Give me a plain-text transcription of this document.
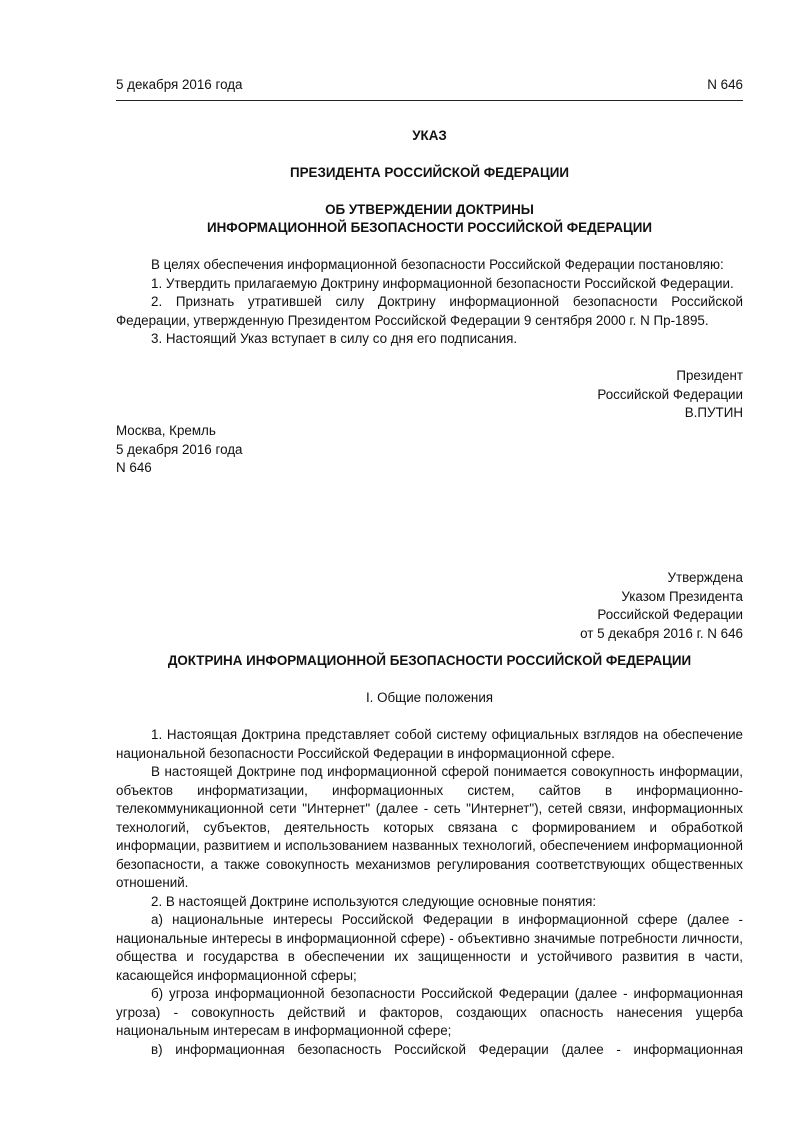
5 декабря 2016 года	N 646
УКАЗ
ПРЕЗИДЕНТА РОССИЙСКОЙ ФЕДЕРАЦИИ
ОБ УТВЕРЖДЕНИИ ДОКТРИНЫ
ИНФОРМАЦИОННОЙ БЕЗОПАСНОСТИ РОССИЙСКОЙ ФЕДЕРАЦИИ

В целях обеспечения информационной безопасности Российской Федерации постановляю:

1. Утвердить прилагаемую Доктрину информационной безопасности Российской Федерации.

2. Признать утратившей силу Доктрину информационной безопасности Российской Федерации, утвержденную Президентом Российской Федерации 9 сентября 2000 г. N Пр-1895.

3. Настоящий Указ вступает в силу со дня его подписания.

Президент
Российской Федерации
В.ПУТИН
Москва, Кремль
5 декабря 2016 года
N 646
Утверждена
Указом Президента
Российской Федерации
от 5 декабря 2016 г. N 646
ДОКТРИНА ИНФОРМАЦИОННОЙ БЕЗОПАСНОСТИ РОССИЙСКОЙ ФЕДЕРАЦИИ
I. Общие положения

1. Настоящая Доктрина представляет собой систему официальных взглядов на обеспечение национальной безопасности Российской Федерации в информационной сфере.

В настоящей Доктрине под информационной сферой понимается совокупность информации, объектов информатизации, информационных систем, сайтов в информационно-телекоммуникационной сети "Интернет" (далее - сеть "Интернет"), сетей связи, информационных технологий, субъектов, деятельность которых связана с формированием и обработкой информации, развитием и использованием названных технологий, обеспечением информационной безопасности, а также совокупность механизмов регулирования соответствующих общественных отношений.

2. В настоящей Доктрине используются следующие основные понятия:

а) национальные интересы Российской Федерации в информационной сфере (далее - национальные интересы в информационной сфере) - объективно значимые потребности личности, общества и государства в обеспечении их защищенности и устойчивого развития в части, касающейся информационной сферы;

б) угроза информационной безопасности Российской Федерации (далее - информационная угроза) - совокупность действий и факторов, создающих опасность нанесения ущерба национальным интересам в информационной сфере;

в) информационная безопасность Российской Федерации (далее - информационная
